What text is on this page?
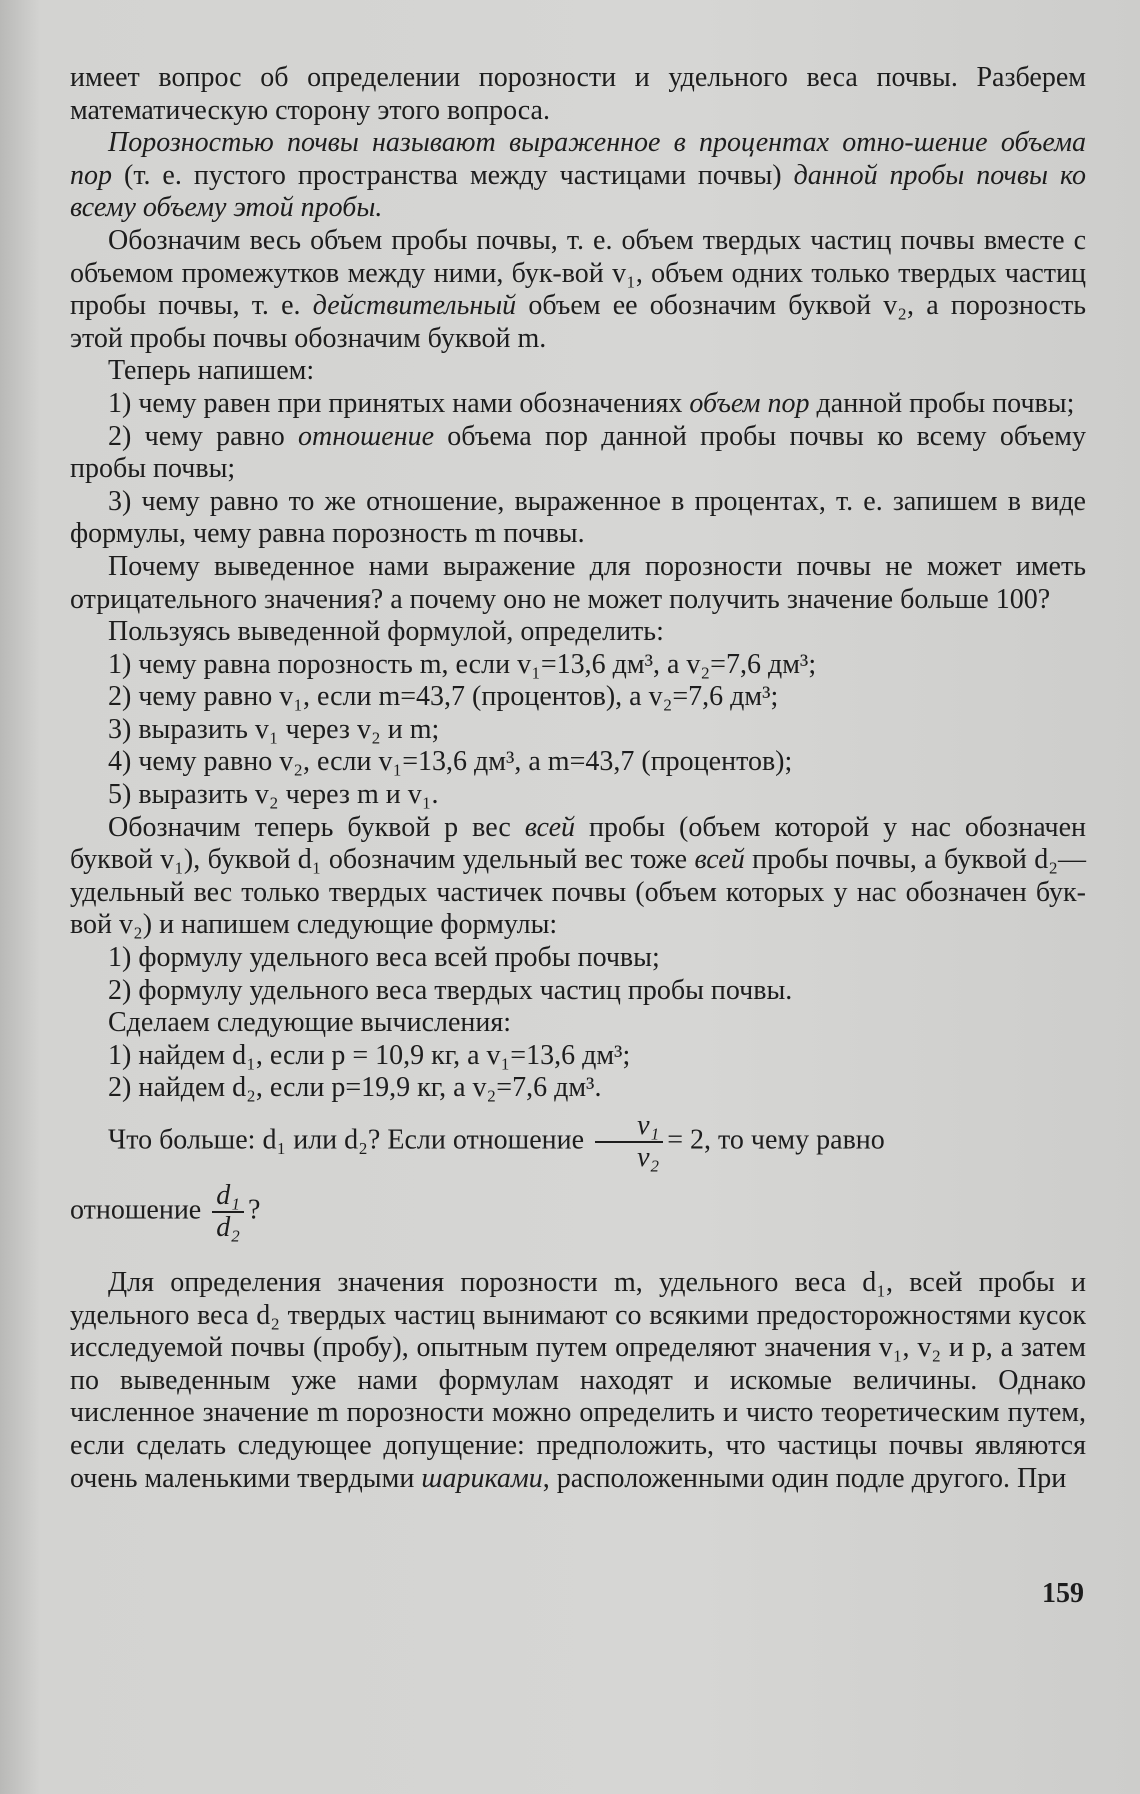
имеет вопрос об определении порозности и удельного веса почвы. Разберем математическую сторону этого вопроса.

Порозностью почвы называют выраженное в процентах отно-шение объема пор (т. е. пустого пространства между частицами почвы) данной пробы почвы ко всему объему этой пробы.

Обозначим весь объем пробы почвы, т. е. объем твердых частиц почвы вместе с объемом промежутков между ними, бук-вой v₁, объем одних только твердых частиц пробы почвы, т. е. действительный объем ее обозначим буквой v₂, а порозность этой пробы почвы обозначим буквой m.

Теперь напишем:

1) чему равен при принятых нами обозначениях объем пор данной пробы почвы;

2) чему равно отношение объема пор данной пробы почвы ко всему объему пробы почвы;

3) чему равно то же отношение, выраженное в процентах, т. е. запишем в виде формулы, чему равна порозность m почвы.

Почему выведенное нами выражение для порозности почвы не может иметь отрицательного значения? а почему оно не может получить значение больше 100?

Пользуясь выведенной формулой, определить:

1) чему равна порозность m, если v₁=13,6 дм³, а v₂=7,6 дм³;

2) чему равно v₁, если m=43,7 (процентов), а v₂=7,6 дм³;

3) выразить v₁ через v₂ и m;

4) чему равно v₂, если v₁=13,6 дм³, а m=43,7 (процентов);

5) выразить v₂ через m и v₁.

Обозначим теперь буквой p вес всей пробы (объем которой у нас обозначен буквой v₁), буквой d₁ обозначим удельный вес тоже всей пробы почвы, а буквой d₂—удельный вес только твердых частичек почвы (объем которых у нас обозначен бук-вой v₂) и напишем следующие формулы:

1) формулу удельного веса всей пробы почвы;

2) формулу удельного веса твердых частиц пробы почвы.

Сделаем следующие вычисления:

1) найдем d₁, если p = 10,9 кг, а v₁=13,6 дм³;

2) найдем d₂, если p=19,9 кг, а v₂=7,6 дм³.

Что больше: d₁ или d₂? Если отношение $\frac{\text{v₁}}{\text{v₂}} = 2$, то чему равно

отношение $\frac{\text{d₁}}{\text{d₂}}$ ?

Для определения значения порозности m, удельного веса d₁, всей пробы и удельного веса d₂ твердых частиц вынимают со всякими предосторожностями кусок исследуемой почвы (пробу), опытным путем определяют значения v₁, v₂ и p, а затем по выведенным уже нами формулам находят и искомые величины. Однако численное значение m порозности можно определить и чисто теоретическим путем, если сделать следующее допущение: предположить, что частицы почвы являются очень маленькими твердыми шариками, расположенными один подле другого. При

159
